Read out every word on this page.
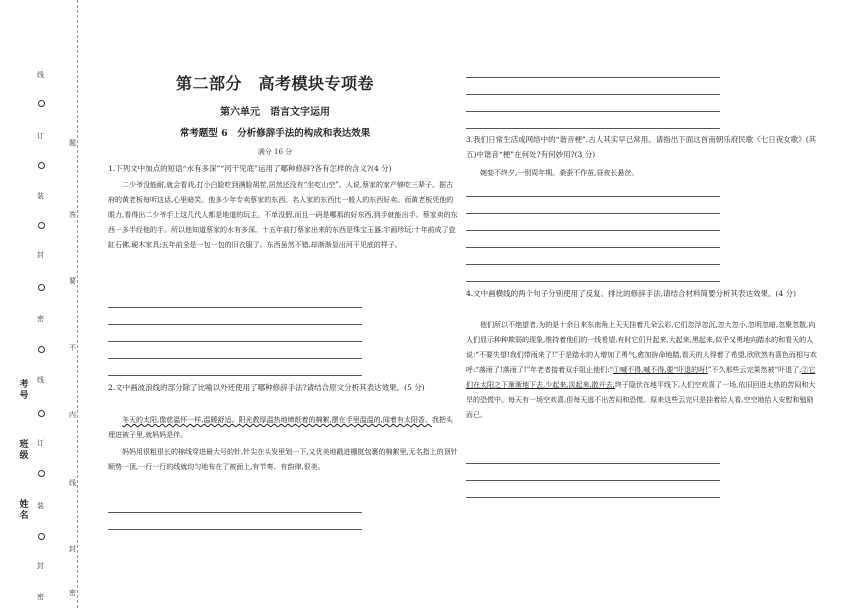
线
订
装
封
密
线
订
装
封
密
题
答
要
不
内
线
封
密
考号
班级
姓名
第二部分　高考模块专项卷
第六单元　语言文字运用
常考题型 6　分析修辞手法的构成和表达效果
满分 16 分
1.下列文中加点的短语“水有多深”“河干见底”运用了哪种修辞?各有怎样的含义?(4 分)
二少爷没能耐,就会看戏,打小白脸吃到满脸胡茬,居然还没有“坐吃山空”。人说,蔡家的家产够吃三辈子。据古府的黄老板每听这话,心里暗笑。他多少年专卖蔡家的东西。名人家的东西比一般人的东西好卖。而黄老板凭他的眼力,看得出二少爷手上这几代人都是地道的玩主。不单没假,而且一码是哪那的好东西,到手就能出手。蔡家卖的东西一多半经他的手。所以他知道蔡家的水有多深。十五年前打蔡家出来的东西是珠宝玉器,宇画珍玩;十年前成了瓷缸石佛,硬木家具;五年前全是一包一包的旧衣服了。东西虽然不错,却渐渐显出河干见底的样子。
2.文中画波浪线的部分除了比喻以外还使用了哪种修辞手法?请结合原文分析其表达效果。(5 分)
冬天的太阳,像慈温怀一样,温暖舒适。阳光教厚温热地缔纸着的棉絮,摆在手里温温的,闻着有太阳香。我把头埋进被子里,就妈妈是伴。
妈妈用很粗很长的棉线穿进最大号的针,针尖在头发里划一下,又优美地戳进棚挺包裹的棉絮里,无名指上的顶针顺势一顶,一行一行的线就均匀地布在了被面上,有节奏、有韵律,很美。
3.我们日常生活或网络中的“谐音梗”,古人其实早已常用。请指出下面这首南朝乐府民歌《七日夜女歌》(其五)中谐音“梗”在何处?有何妙用?(3 分)
婉娈不终夕,一别周年期。桑蚕不作茧,昼夜长悬丝。
4.文中画横线的两个句子分别使用了反复、排比的修辞手法,请结合材料简要分析其表达效果。(4 分)
他们所以不绝望者,为的是十余日来东南角上天天挂着几朵云彩,它们忽浮忽沉,忽大忽小,忽明忽暗,忽聚忽散,向人们显示种种欺弱的现象,维持着他们的一线希望,有时它们升起来,大起来,黑起来,似乎又勇地向踏水的和看天的人说:“不要失望!我们带雨来了!”于是踏水的人增加了勇气,愈加拚命地踏,看天的人得着了希望,欣欣然有喜色而相与欢呼:“落雨了!落雨了!”年老者接着双手阻止他们:“①喊不得,喊不得,要“吓退的呀!”不久那些云完果然被“吓退了,②它们在太阳之下渐渐地下去,少起来,淡起来,散开去,终于隐伏在地平线下,人们空欢喜了一场,依旧回进太热的苦闷和大旱的恐慌中。每天有一场空欢喜,但每天逃不出苦闷和恐慌。原来这些云完只是挂着给人看,空空地给人安慰和勉励而已。
